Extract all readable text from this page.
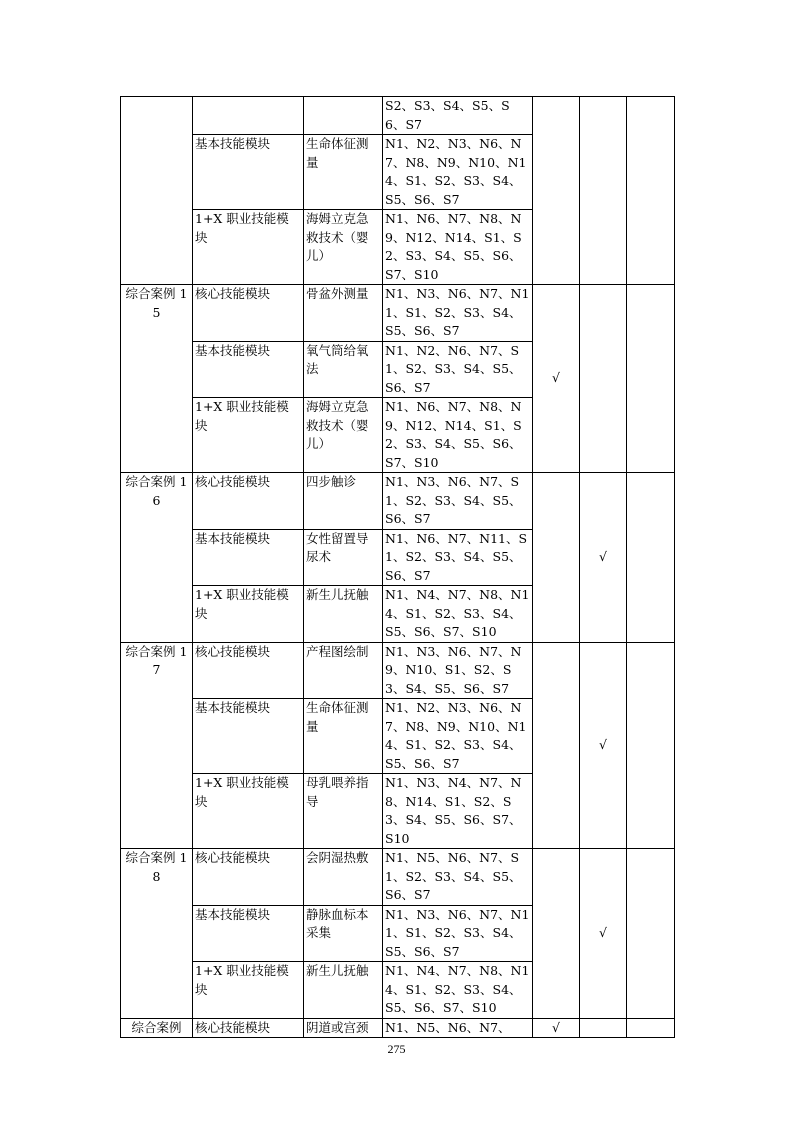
			S2、S3、S4、S5、S6、S7			
	基本技能模块	生命体征测量	N1、N2、N3、N6、N7、N8、N9、N10、N14、S1、S2、S3、S4、S5、S6、S7			
	1+X 职业技能模块	海姆立克急救技术（婴儿）	N1、N6、N7、N8、N9、N12、N14、S1、S2、S3、S4、S5、S6、S7、S10			
综合案例 15	核心技能模块	骨盆外测量	N1、N3、N6、N7、N11、S1、S2、S3、S4、S5、S6、S7	√		
	基本技能模块	氧气筒给氧法	N1、N2、N6、N7、S1、S2、S3、S4、S5、S6、S7			
	1+X 职业技能模块	海姆立克急救技术（婴儿）	N1、N6、N7、N8、N9、N12、N14、S1、S2、S3、S4、S5、S6、S7、S10			
综合案例 16	核心技能模块	四步触诊	N1、N3、N6、N7、S1、S2、S3、S4、S5、S6、S7		√	
	基本技能模块	女性留置导尿术	N1、N6、N7、N11、S1、S2、S3、S4、S5、S6、S7			
	1+X 职业技能模块	新生儿抚触	N1、N4、N7、N8、N14、S1、S2、S3、S4、S5、S6、S7、S10			
综合案例 17	核心技能模块	产程图绘制	N1、N3、N6、N7、N9、N10、S1、S2、S3、S4、S5、S6、S7		√	
	基本技能模块	生命体征测量	N1、N2、N3、N6、N7、N8、N9、N10、N14、S1、S2、S3、S4、S5、S6、S7			
	1+X 职业技能模块	母乳喂养指导	N1、N3、N4、N7、N8、N14、S1、S2、S3、S4、S5、S6、S7、S10			
综合案例 18	核心技能模块	会阴湿热敷	N1、N5、N6、N7、S1、S2、S3、S4、S5、S6、S7		√	
	基本技能模块	静脉血标本采集	N1、N3、N6、N7、N11、S1、S2、S3、S4、S5、S6、S7			
	1+X 职业技能模块	新生儿抚触	N1、N4、N7、N8、N14、S1、S2、S3、S4、S5、S6、S7、S10			
综合案例	核心技能模块	阴道或宫颈	N1、N5、N6、N7、	√		
275
